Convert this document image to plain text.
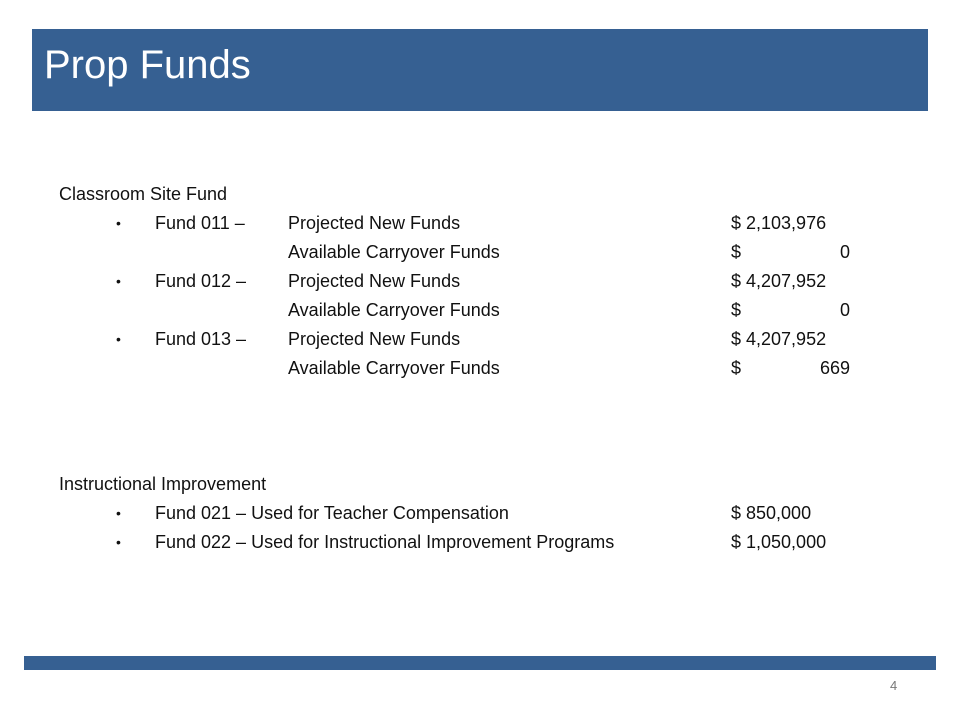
Prop Funds
Classroom Site Fund
• Fund 011 – Projected New Funds	$ 2,103,976
Available Carryover Funds	$	0
• Fund 012 – Projected New Funds	$ 4,207,952
Available Carryover Funds	$	0
• Fund 013 – Projected New Funds	$ 4,207,952
Available Carryover Funds	$	669
Instructional Improvement
• Fund 021 – Used for Teacher Compensation	$ 850,000
• Fund 022 – Used for Instructional Improvement Programs	$ 1,050,000
4
